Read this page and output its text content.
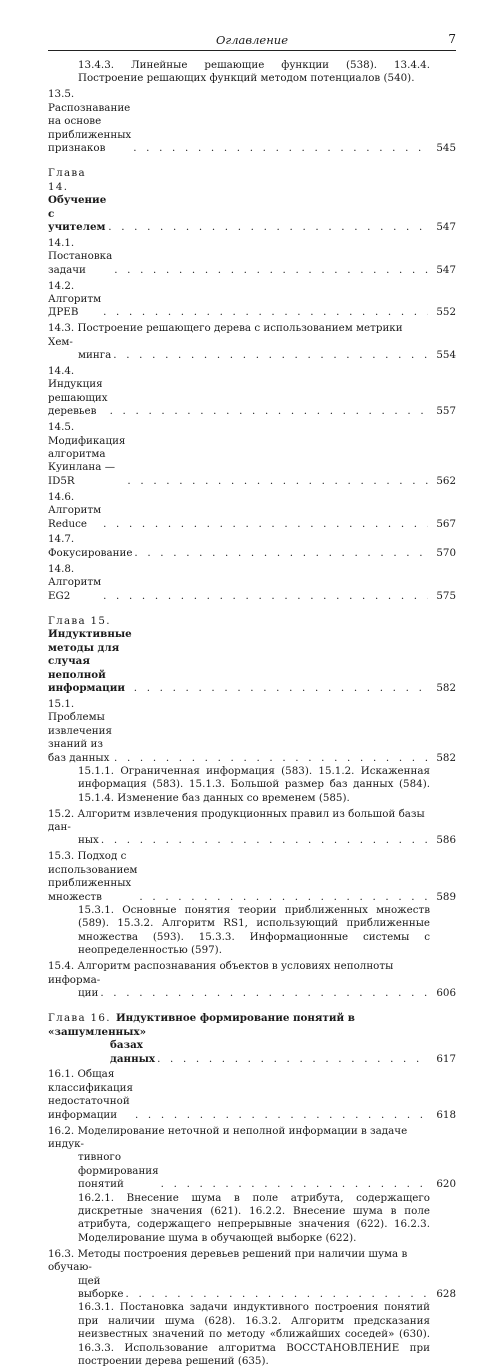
Оглавление	7
13.4.3. Линейные решающие функции (538). 13.4.4. Построение решающих функций методом потенциалов (540).
13.5. Распознавание на основе приближенных признаков . . .	545
Глава 14. Обучение с учителем . . .	547
14.1. Постановка задачи . . .	547
14.2. Алгоритм ДРЕВ . . .	552
14.3. Построение решающего дерева с использованием метрики Хем-
минга . . .	554
14.4. Индукция решающих деревьев . . .	557
14.5. Модификация алгоритма Куинлана — ID5R . . .	562
14.6. Алгоритм Reduce . . .	567
14.7. Фокусирование . . .	570
14.8. Алгоритм EG2 . . .	575
Глава 15. Индуктивные методы для случая неполной информации . . .	582
15.1. Проблемы извлечения знаний из баз данных . . .	582
15.1.1. Ограниченная информация (583). 15.1.2. Искаженная информация (583). 15.1.3. Большой размер баз данных (584). 15.1.4. Изменение баз данных со временем (585).
15.2. Алгоритм извлечения продукционных правил из большой базы дан-
ных . . .	586
15.3. Подход с использованием приближенных множеств . . .	589
15.3.1. Основные понятия теории приближенных множеств (589). 15.3.2. Алгоритм RS1, использующий приближенные множества (593). 15.3.3. Информационные системы с неопределенностью (597).
15.4. Алгоритм распознавания объектов в условиях неполноты информа-
ции . . .	606
Глава 16.  Индуктивное формирование понятий в «зашумленных»
базах данных . . .	617
16.1. Общая классификация недостаточной информации . . .	618
16.2. Моделирование неточной и неполной информации в задаче индук-
тивного формирования понятий . . .	620
16.2.1. Внесение шума в поле атрибута, содержащего дискретные значения (621). 16.2.2. Внесение шума в поле атрибута, содержащего непрерывные значения (622). 16.2.3. Моделирование шума в обучающей выборке (622).
16.3. Методы построения деревьев решений при наличии шума в обучаю-
щей выборке . . .	628
16.3.1. Постановка задачи индуктивного построения понятий при наличии шума (628). 16.3.2. Алгоритм предсказания неизвестных значений по методу «ближайших соседей» (630). 16.3.3. Использование алгоритма ВОССТАНОВЛЕНИЕ при построении дерева решений (635).
